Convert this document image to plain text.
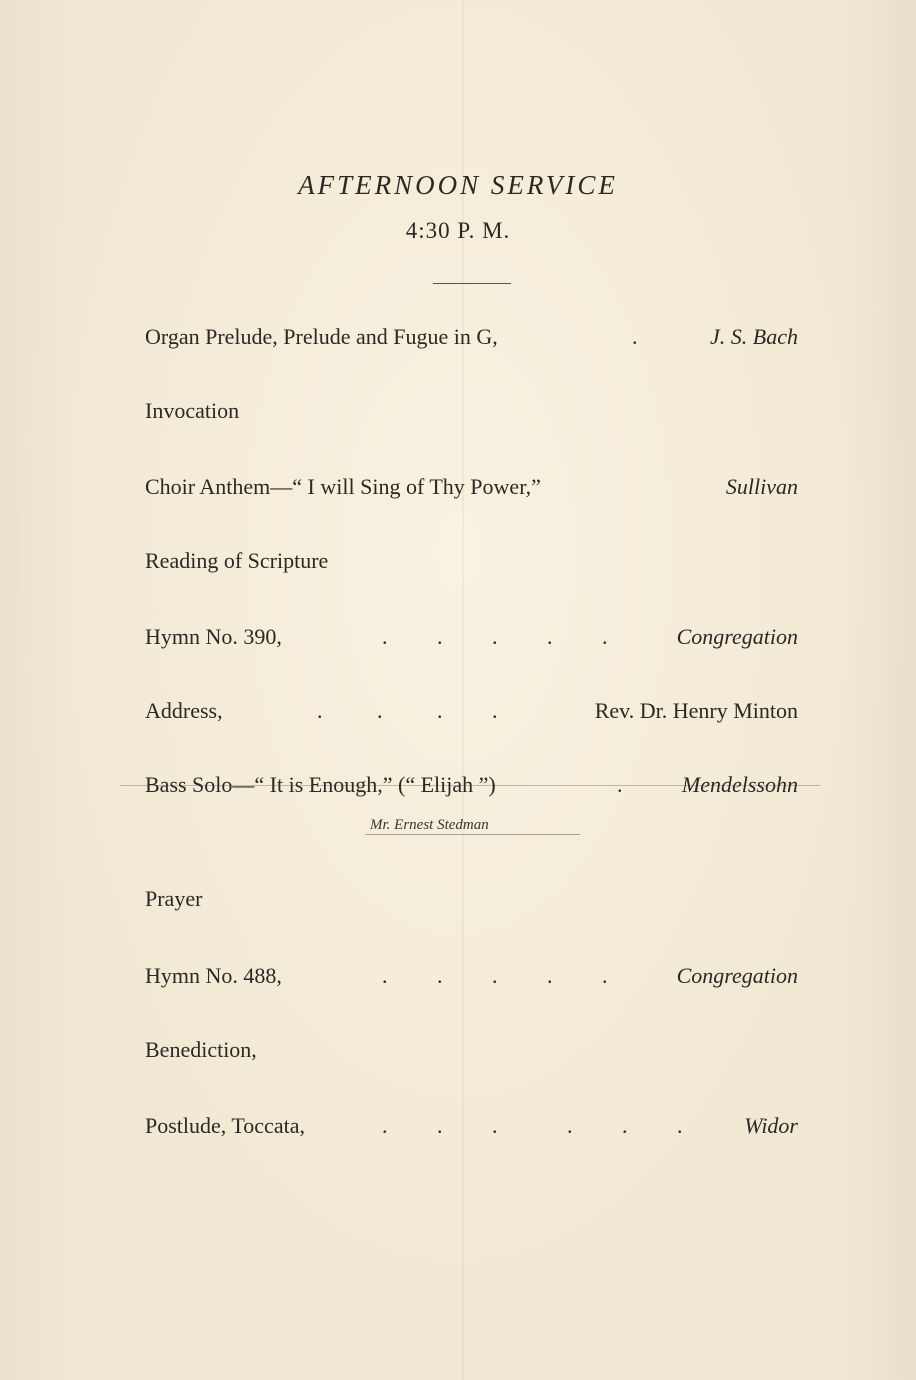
AFTERNOON SERVICE
4:30 P. M.
Organ Prelude, Prelude and Fugue in G,	.	J. S. Bach
Invocation
Choir Anthem—“ I will Sing of Thy Power,”	Sullivan
Reading of Scripture
Hymn No. 390,	. . . . .	Congregation
Address,	. . . .	Rev. Dr. Henry Minton
Bass Solo—“ It is Enough,” (“ Elijah ”)	.	Mendelssohn
Mr. Ernest Stedman
Prayer
Hymn No. 488,	. . . . .	Congregation
Benediction,
Postlude, Toccata,	. . .	. . .	Widor
